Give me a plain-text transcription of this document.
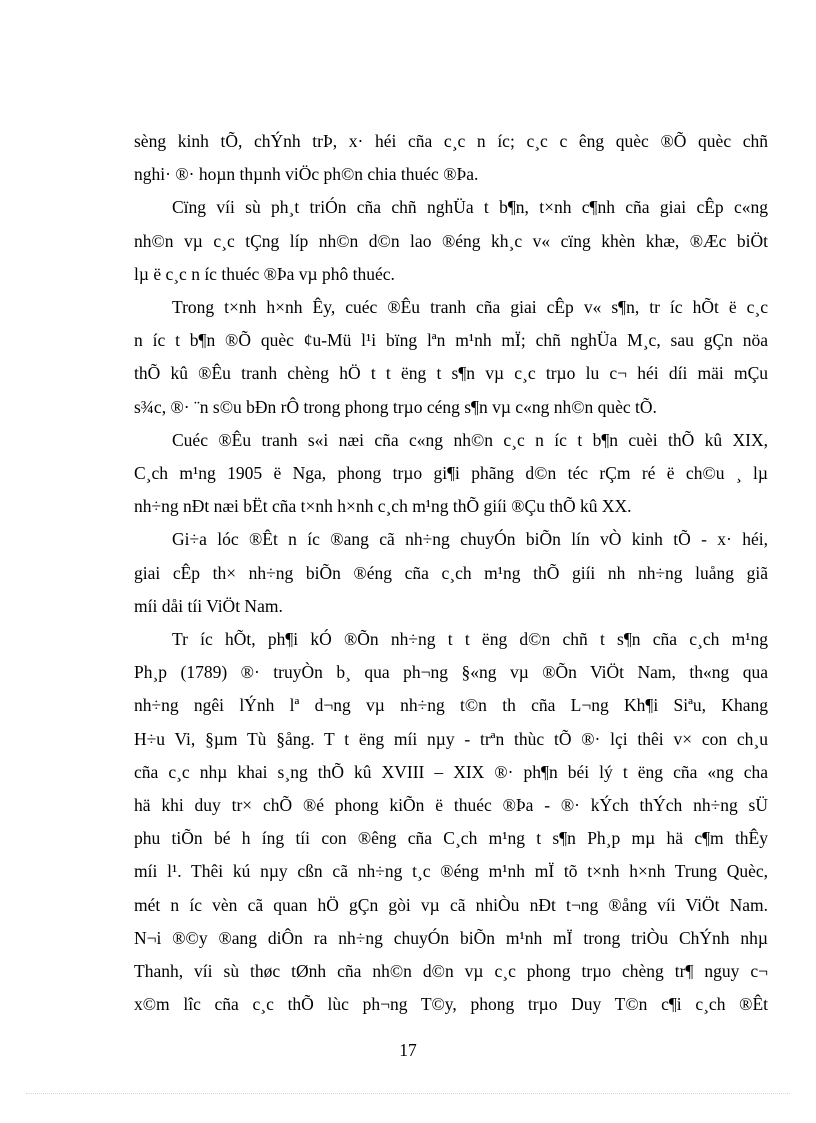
sèng kinh tÕ, chÝnh trÞ, x· héi cña c¸c n íc; c¸c c êng quèc ®Õ quèc chñ
nghi· ®· hoµn thµnh viÖc ph©n chia thuéc ®Þa.
Cïng víi sù ph¸t triÓn cña chñ nghÜa t b¶n, t×nh c¶nh cña giai cÊp c«ng
nh©n vµ c¸c tÇng líp nh©n d©n lao ®éng kh¸c v« cïng khèn khæ, ®Æc biÖt
lµ ë c¸c n íc thuéc ®Þa vµ phô thuéc.
Trong t×nh h×nh Êy, cuéc ®Êu tranh cña giai cÊp v« s¶n, tr íc hÕt ë c¸c
n íc t b¶n ®Õ quèc ¢u-Mü l¹i bïng lªn m¹nh mÏ; chñ nghÜa M¸c, sau gÇn nöa
thÕ kû ®Êu tranh chèng hÖ t t ëng t s¶n vµ c¸c trµo lu c¬ héi díi mäi mÇu
s¾c, ®· ¨n s©u bÐn rÔ trong phong trµo céng s¶n vµ c«ng nh©n quèc tÕ.
Cuéc ®Êu tranh s«i næi cña c«ng nh©n c¸c n íc t b¶n cuèi thÕ kû XIX,
C¸ch m¹ng 1905 ë Nga, phong trµo gi¶i phãng d©n téc rÇm ré ë ch©u ¸ lµ
nh÷ng nÐt næi bËt cña t×nh h×nh c¸ch m¹ng thÕ giíi ®Çu thÕ kû XX.
Gi÷a lóc ®Êt n íc ®ang cã nh÷ng chuyÓn biÕn lín vÒ kinh tÕ - x· héi,
giai cÊp th× nh÷ng biÕn ®éng cña c¸ch m¹ng thÕ giíi nh nh÷ng luång giã
míi dåi tíi ViÖt Nam.
Tr íc hÕt, ph¶i kÓ ®Õn nh÷ng t t ëng d©n chñ t s¶n cña c¸ch m¹ng
Ph¸p (1789) ®· truyÒn b¸ qua ph¬ng §«ng vµ ®Õn ViÖt Nam, th«ng qua
nh÷ng ngêi lÝnh lª d¬ng vµ nh÷ng t©n th cña L¬ng Kh¶i Siªu, Khang
H÷u Vi, §µm Tù §ång. T t ëng míi nµy - trªn thùc tÕ ®· lçi thêi v× con ch¸u
cña c¸c nhµ khai s¸ng thÕ kû XVIII – XIX ®· ph¶n béi lý t ëng cña «ng cha
hä khi duy tr× chÕ ®é phong kiÕn ë thuéc ®Þa - ®· kÝch thÝch nh÷ng sÜ
phu tiÕn bé h íng tíi con ®êng cña C¸ch m¹ng t s¶n Ph¸p mµ hä c¶m thÊy
míi l¹. Thêi kú nµy cßn cã nh÷ng t¸c ®éng m¹nh mÏ tõ t×nh h×nh Trung Quèc,
mét n íc vèn cã quan hÖ gÇn gòi vµ cã nhiÒu nÐt t¬ng ®ång víi ViÖt Nam.
N¬i ®©y ®ang diÔn ra nh÷ng chuyÓn biÕn m¹nh mÏ trong triÒu ChÝnh nhµ
Thanh, víi sù thøc tØnh cña nh©n d©n vµ c¸c phong trµo chèng tr¶ nguy c¬
x©m lîc cña c¸c thÕ lùc ph¬ng T©y, phong trµo Duy T©n c¶i c¸ch ®Êt

17
